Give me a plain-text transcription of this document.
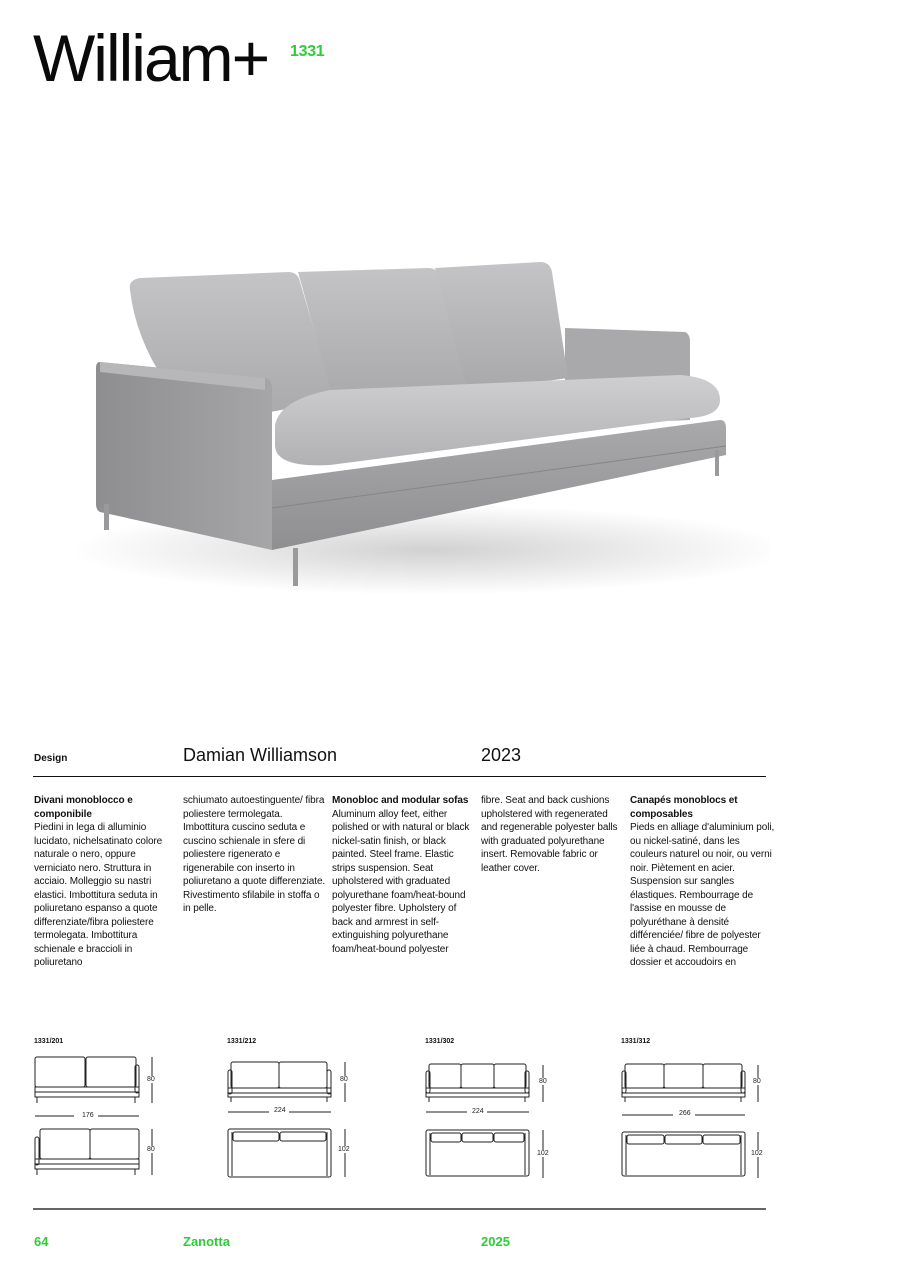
William+ 1331
Design	Damian Williamson	2023
Divani monoblocco e componibile
Piedini in lega di alluminio lucidato, nichelsatinato colore naturale o nero, oppure verniciato nero. Struttura in acciaio. Molleggio su nastri elastici. Imbottitura seduta in poliuretano espanso a quote differenziate/fibra poliestere termolegata. Imbottitura schienale e braccioli in poliuretano
schiumato autoestinguente/ fibra poliestere termolegata. Imbottitura cuscino seduta e cuscino schienale in sfere di poliestere rigenerato e rigenerabile con inserto in poliuretano a quote differenziate. Rivestimento sfilabile in stoffa o in pelle.
Monobloc and modular sofas
Aluminum alloy feet, either polished or with natural or black nickel-satin finish, or black painted. Steel frame. Elastic strips suspension. Seat upholstered with graduated polyurethane foam/heat-bound polyester fibre. Upholstery of back and armrest in self-extinguishing polyurethane foam/heat-bound polyester
fibre. Seat and back cushions upholstered with regenerated and regenerable polyester balls with graduated polyurethane insert. Removable fabric or leather cover.
Canapés monoblocs et composables
Pieds en alliage d'aluminium poli, ou nickel-satiné, dans les couleurs naturel ou noir, ou verni noir. Piètement en acier. Suspension sur sangles élastiques. Rembourrage de l'assise en mousse de polyuréthane à densité différenciée/ fibre de polyester liée à chaud. Rembourrage dossier et accoudoirs en
1331/201
80
176
80
1331/212
80
224
102
1331/302
80
224
102
1331/312
80
266
102
64	Zanotta	2025
